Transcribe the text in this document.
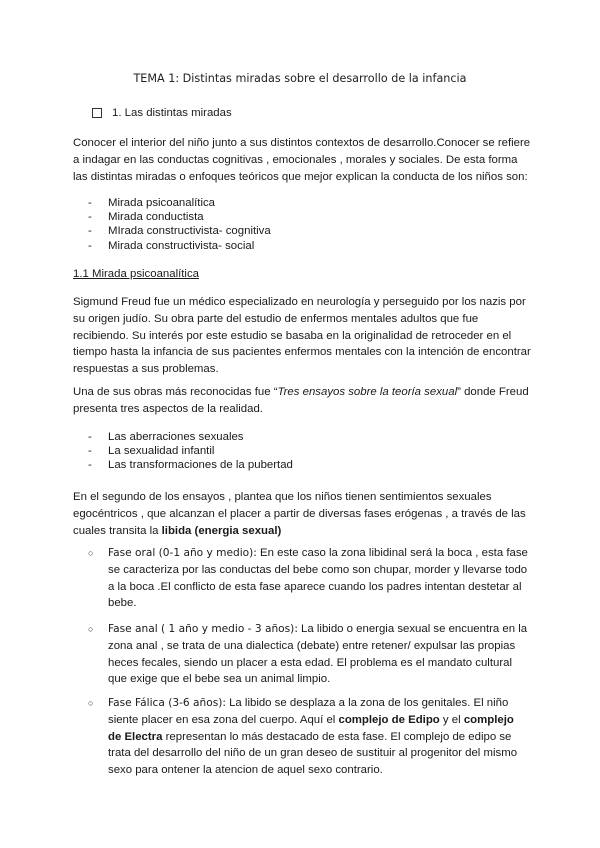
TEMA 1: Distintas miradas sobre el desarrollo de la infancia
1. Las distintas miradas
Conocer el interior del niño junto a sus distintos contextos de desarrollo.Conocer se refiere a indagar en las conductas cognitivas , emocionales , morales y sociales. De esta forma las distintas miradas o enfoques teóricos que mejor explican la conducta de los niños son:
-	Mirada psicoanalítica
-	Mirada conductista
-	MIrada constructivista- cognitiva
-	Mirada constructivista- social
1.1 Mirada psicoanalítica
Sigmund Freud fue un médico especializado en neurología y perseguido por los nazis por su origen judío. Su obra parte del estudio de enfermos mentales adultos que fue recibiendo. Su interés por este estudio se basaba en la originalidad de retroceder en el tiempo hasta la infancia de sus pacientes enfermos mentales con la intención de encontrar respuestas a sus problemas.
Una de sus obras más reconocidas fue “Tres ensayos sobre la teoría sexual” donde Freud presenta tres aspectos de la realidad.
-	Las aberraciones sexuales
-	La sexualidad infantil
-	Las transformaciones de la pubertad
En el segundo de los ensayos , plantea que los niños tienen sentimientos sexuales egocéntricos , que alcanzan el placer a partir de diversas fases erógenas , a través de las cuales transita la libida (energia sexual)
○ Fase oral (0-1 año y medio): En este caso la zona libidinal será la boca , esta fase se caracteriza por las conductas del bebe como son chupar, morder y llevarse todo a la boca .El conflicto de esta fase aparece cuando los padres intentan destetar al bebe.
○ Fase anal ( 1 año y medio - 3 años): La libido o energia sexual se encuentra en la zona anal , se trata de una dialectica (debate) entre retener/ expulsar las propias heces fecales, siendo un placer a esta edad. El problema es el mandato cultural que exige que el bebe sea un animal limpio.
○ Fase Fálica (3-6 años): La libido se desplaza a la zona de los genitales. El niño siente placer en esa zona del cuerpo. Aquí el complejo de Edipo y el complejo de Electra representan lo más destacado de esta fase. El complejo de edipo se trata del desarrollo del niño de un gran deseo de sustituir al progenitor del mismo sexo para ontener la atencion de aquel sexo contrario.
